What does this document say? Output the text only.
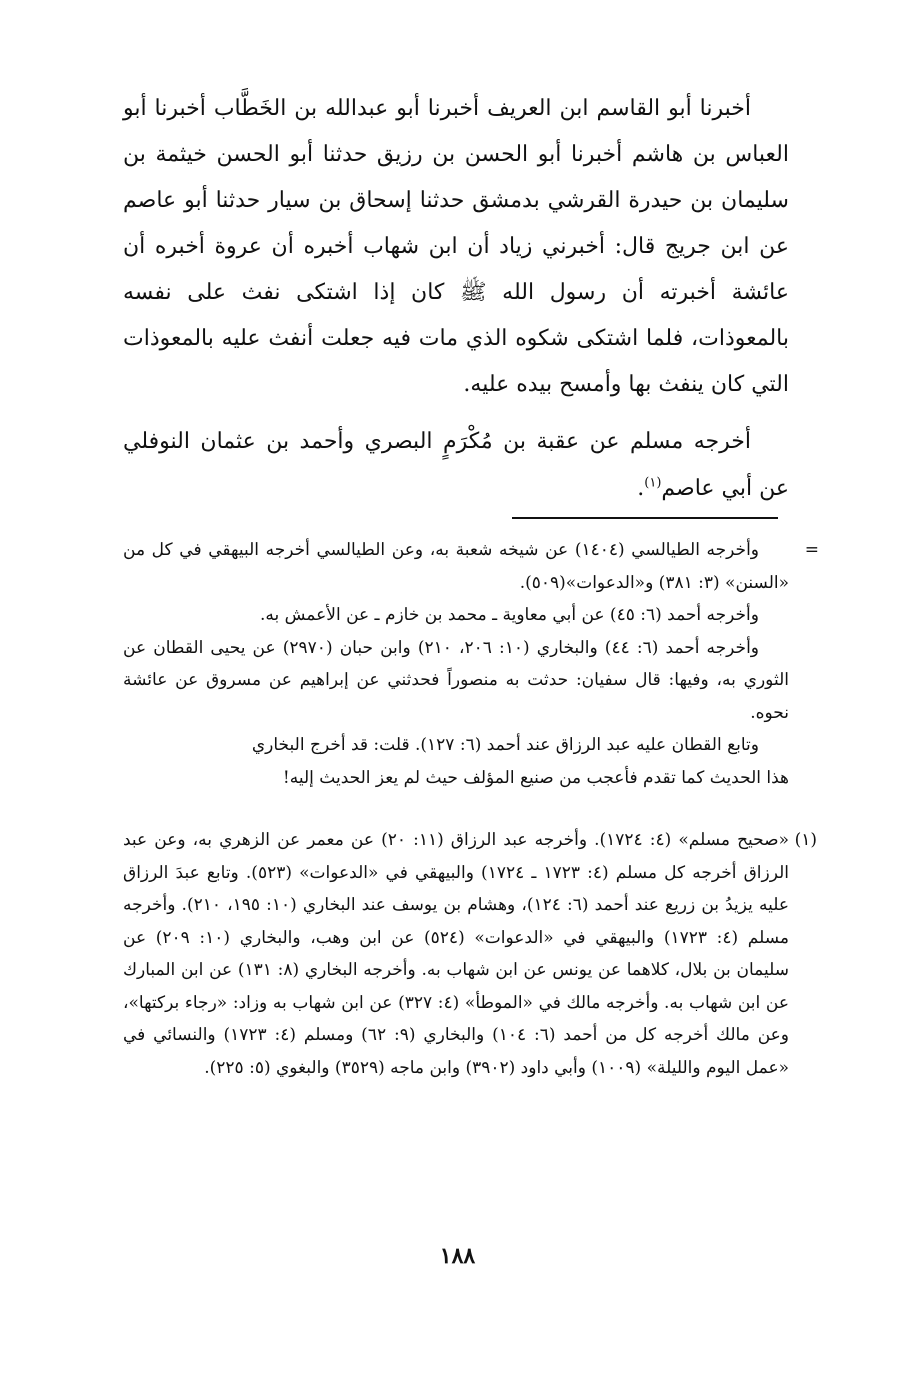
أخبرنا أبو القاسم ابن العريف أخبرنا أبو عبدالله بن الخَطَّاب أخبرنا أبو العباس بن هاشم أخبرنا أبو الحسن بن رزيق حدثنا أبو الحسن خيثمة بن سليمان بن حيدرة القرشي بدمشق حدثنا إسحاق بن سيار حدثنا أبو عاصم عن ابن جريج قال: أخبرني زياد أن ابن شهاب أخبره أن عروة أخبره أن عائشة أخبرته أن رسول الله ﷺ كان إذا اشتكى نفث على نفسه بالمعوذات، فلما اشتكى شكوه الذي مات فيه جعلت أنفث عليه بالمعوذات التي كان ينفث بها وأمسح بيده عليه.

أخرجه مسلم عن عقبة بن مُكْرَمٍ البصري وأحمد بن عثمان النوفلي عن أبي عاصم$^{(١)}$.

=

وأخرجه الطيالسي (١٤٠٤) عن شيخه شعبة به، وعن الطيالسي أخرجه البيهقي في كل من «السنن» (٣: ٣٨١) و«الدعوات»(٥٠٩).

وأخرجه أحمد (٦: ٤٥) عن أبي معاوية ـ محمد بن خازم ـ عن الأعمش به.

وأخرجه أحمد (٦: ٤٤) والبخاري (١٠: ٢٠٦، ٢١٠) وابن حبان (٢٩٧٠) عن يحيى القطان عن الثوري به، وفيها: قال سفيان: حدثت به منصوراً فحدثني عن إبراهيم عن مسروق عن عائشة نحوه.

وتابع القطان عليه عبد الرزاق عند أحمد (٦: ١٢٧). قلت: قد أخرج البخاري

هذا الحديث كما تقدم فأعجب من صنيع المؤلف حيث لم يعز الحديث إليه!

(١)

«صحيح مسلم» (٤: ١٧٢٤). وأخرجه عبد الرزاق (١١: ٢٠) عن معمر عن الزهري به، وعن عبد الرزاق أخرجه كل مسلم (٤: ١٧٢٣ ـ ١٧٢٤) والبيهقي في «الدعوات» (٥٢٣). وتابع عبدَ الرزاق عليه يزيدُ بن زريع عند أحمد (٦: ١٢٤)، وهشام بن يوسف عند البخاري (١٠: ١٩٥، ٢١٠). وأخرجه مسلم (٤: ١٧٢٣) والبيهقي في «الدعوات» (٥٢٤) عن ابن وهب، والبخاري (١٠: ٢٠٩) عن سليمان بن بلال، كلاهما عن يونس عن ابن شهاب به. وأخرجه البخاري (٨: ١٣١) عن ابن المبارك عن ابن شهاب به. وأخرجه مالك في «الموطأ» (٤: ٣٢٧) عن ابن شهاب به وزاد: «رجاء بركتها»، وعن مالك أخرجه كل من أحمد (٦: ١٠٤) والبخاري (٩: ٦٢) ومسلم (٤: ١٧٢٣) والنسائي في «عمل اليوم والليلة» (١٠٠٩) وأبي داود (٣٩٠٢) وابن ماجه (٣٥٢٩) والبغوي (٥: ٢٢٥).

١٨٨
